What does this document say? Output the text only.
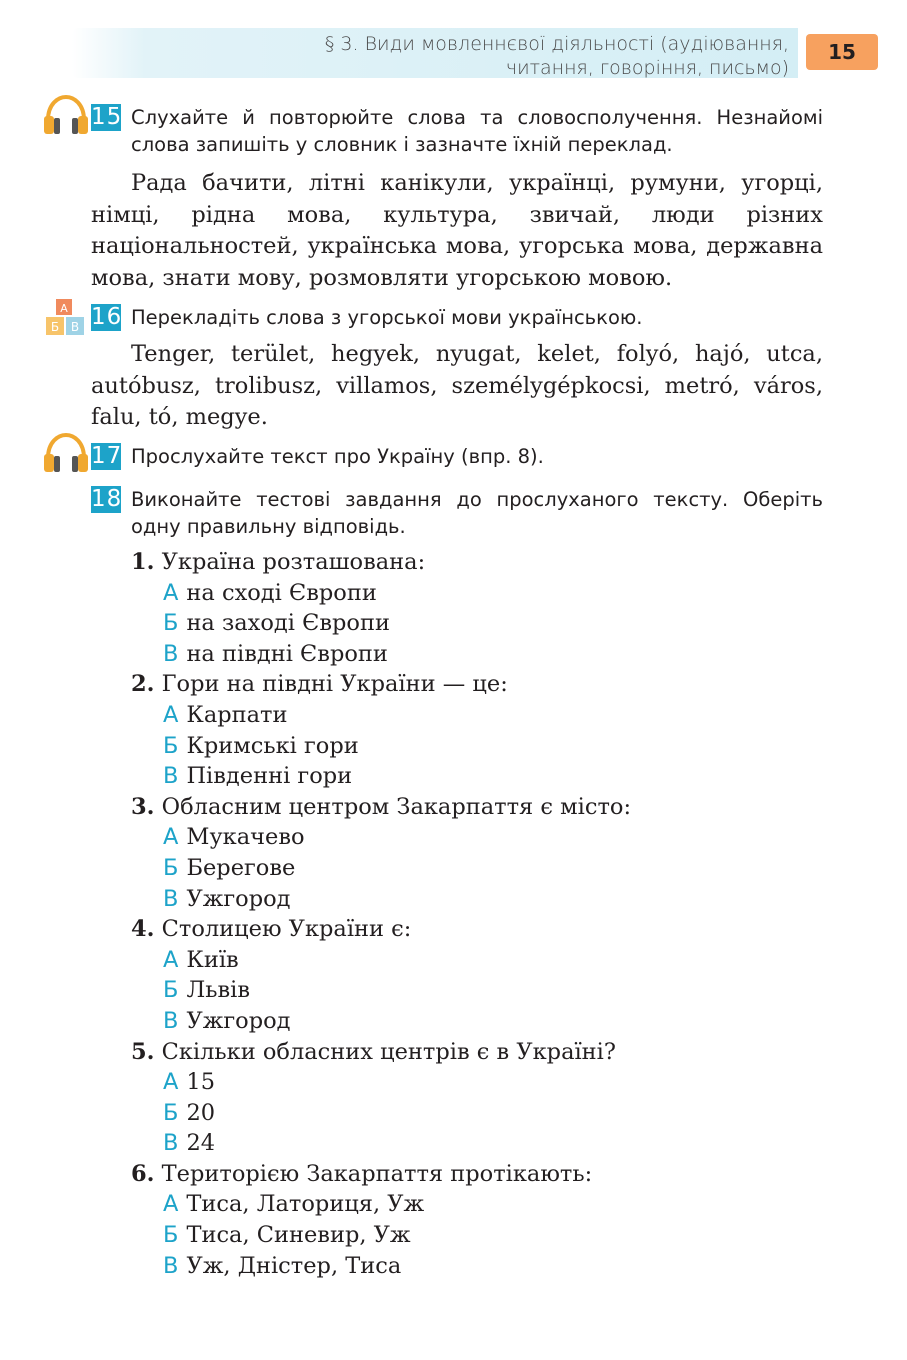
§ 3. Види мовленнєвої діяльності (аудіювання,
читання, говоріння, письмо)
15
15 Слухайте й повторюйте слова та словосполучення. Незнайомі слова запишіть у словник і зазначте їхній переклад.
Рада бачити, літні канікули, українці, румуни, угорці, німці, рідна мова, культура, звичай, люди різних національностей, українська мова, угорська мова, державна мова, знати мову, розмовляти угорською мовою.
A
Б В 16 Перекладіть слова з угорської мови українською.
Tenger, terület, hegyek, nyugat, kelet, folyó, hajó, utca, autóbusz, trolibusz, villamos, személygépkocsi, metró, város, falu, tó, megye.
17 Прослухайте текст про Україну (впр. 8).
18 Виконайте тестові завдання до прослуханого тексту. Оберіть одну правильну відповідь.
1. Україна розташована:
А на сході Європи
Б на заході Європи
В на півдні Європи
2. Гори на півдні України — це:
А Карпати
Б Кримські гори
В Південні гори
3. Обласним центром Закарпаття є місто:
А Мукачево
Б Берегове
В Ужгород
4. Столицею України є:
А Київ
Б Львів
В Ужгород
5. Скільки обласних центрів є в Україні?
А 15
Б 20
В 24
6. Територією Закарпаття протікають:
А Тиса, Латориця, Уж
Б Тиса, Синевир, Уж
В Уж, Дністер, Тиса
